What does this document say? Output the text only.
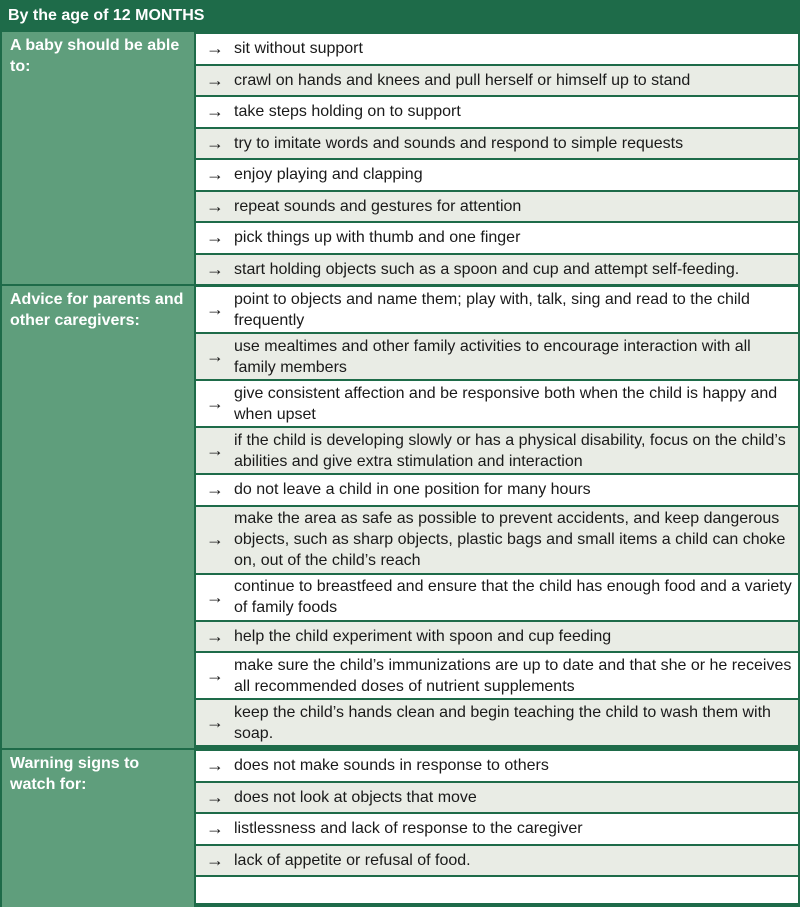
By the age of 12 MONTHS
A baby should be able to:
→ sit without support
→ crawl on hands and knees and pull herself or himself up to stand
→ take steps holding on to support
→ try to imitate words and sounds and respond to simple requests
→ enjoy playing and clapping
→ repeat sounds and gestures for attention
→ pick things up with thumb and one finger
→ start holding objects such as a spoon and cup and attempt self-feeding.
Advice for parents and other caregivers:
→ point to objects and name them; play with, talk, sing and read to the child frequently
→ use mealtimes and other family activities to encourage interaction with all family members
→ give consistent affection and be responsive both when the child is happy and when upset
→ if the child is developing slowly or has a physical disability, focus on the child’s abilities and give extra stimulation and interaction
→ do not leave a child in one position for many hours
→
make the area as safe as possible to prevent accidents, and keep dangerous objects, such as sharp objects, plastic bags and small items a child can choke on, out of the child’s reach
→ continue to breastfeed and ensure that the child has enough food and a variety of family foods
→ help the child experiment with spoon and cup feeding
→ make sure the child’s immunizations are up to date and that she or he receives all recommended doses of nutrient supplements
→ keep the child’s hands clean and begin teaching the child to wash them with soap.
Warning signs to watch for:
→ does not make sounds in response to others
→ does not look at objects that move
→ listlessness and lack of response to the caregiver
→ lack of appetite or refusal of food.
